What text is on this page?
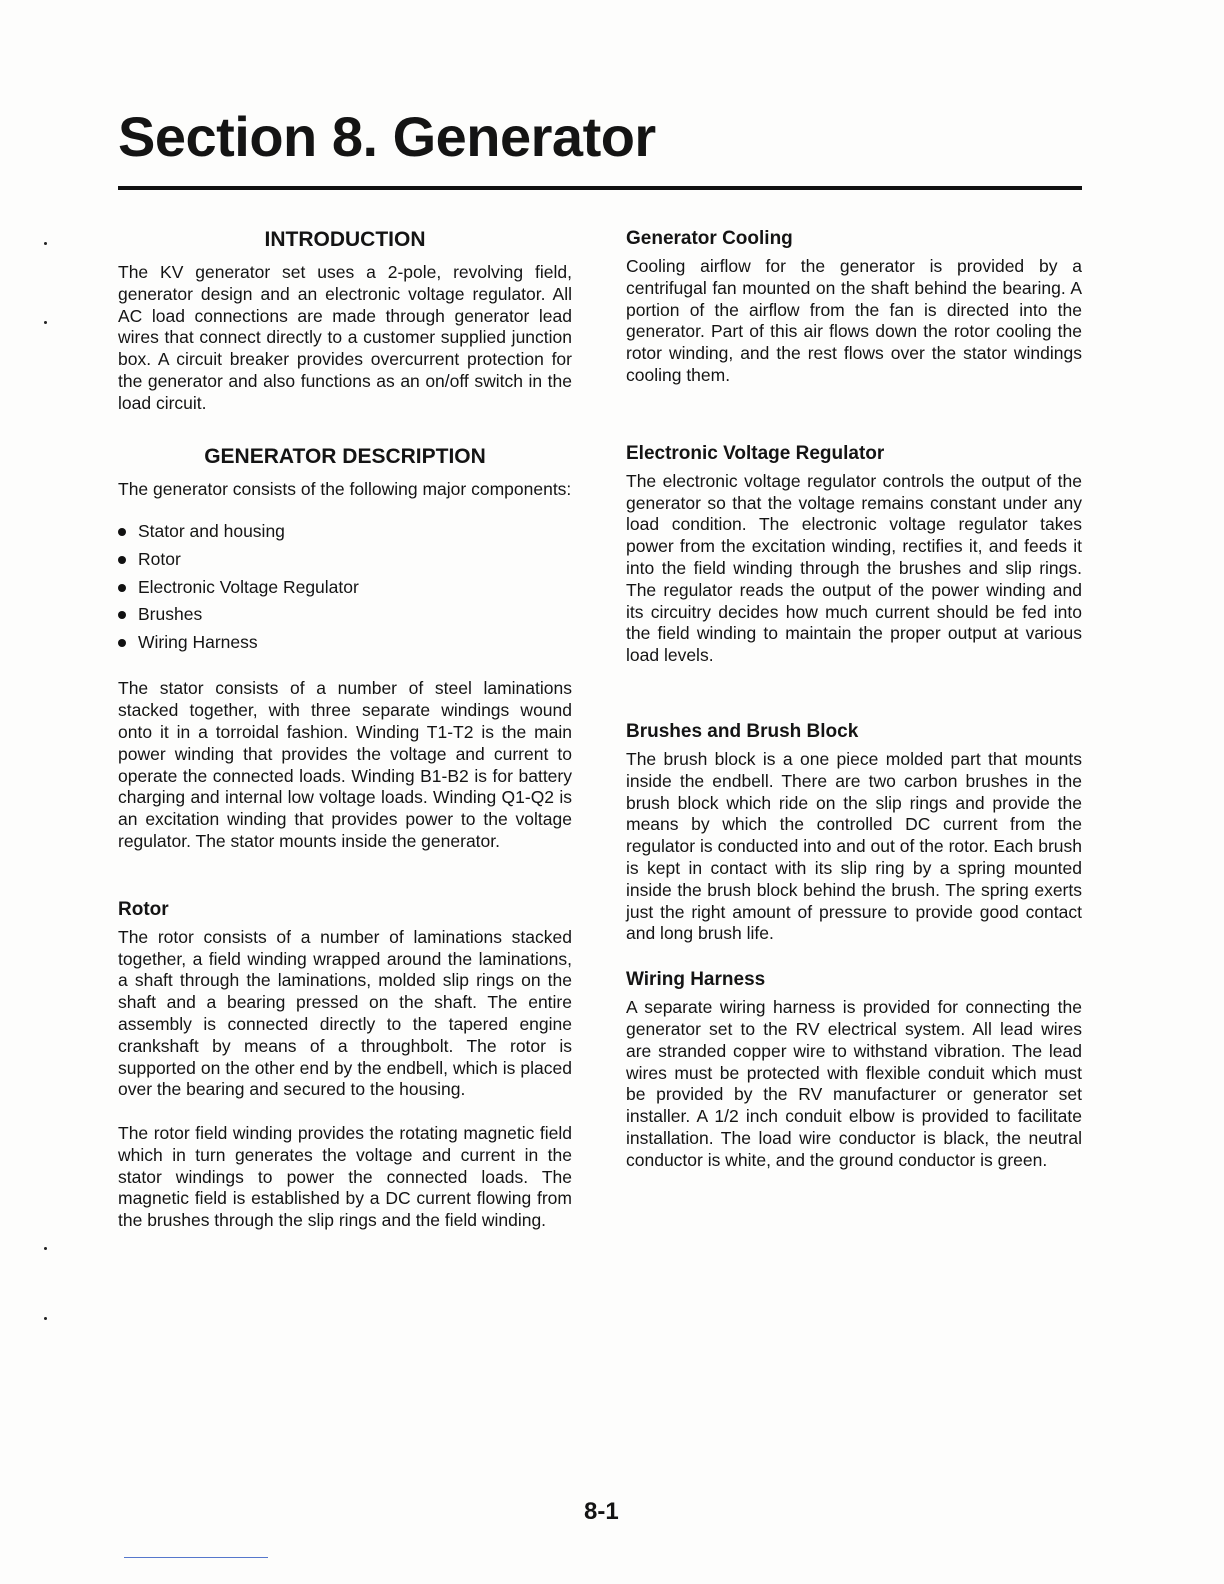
Section 8. Generator
INTRODUCTION

The KV generator set uses a 2-pole, revolving field, generator design and an electronic voltage regulator. All AC load connections are made through generator lead wires that connect directly to a customer supplied junction box. A circuit breaker provides overcurrent protection for the generator and also functions as an on/off switch in the load circuit.

GENERATOR DESCRIPTION

The generator consists of the following major components:

Stator and housing
Rotor
Electronic Voltage Regulator
Brushes
Wiring Harness

The stator consists of a number of steel laminations stacked together, with three separate windings wound onto it in a torroidal fashion. Winding T1-T2 is the main power winding that provides the voltage and current to operate the connected loads. Winding B1-B2 is for battery charging and internal low voltage loads. Winding Q1-Q2 is an excitation winding that provides power to the voltage regulator. The stator mounts inside the generator.

Rotor

The rotor consists of a number of laminations stacked together, a field winding wrapped around the laminations, a shaft through the laminations, molded slip rings on the shaft and a bearing pressed on the shaft. The entire assembly is connected directly to the tapered engine crankshaft by means of a throughbolt. The rotor is supported on the other end by the endbell, which is placed over the bearing and secured to the housing.

The rotor field winding provides the rotating magnetic field which in turn generates the voltage and current in the stator windings to power the connected loads. The magnetic field is established by a DC current flowing from the brushes through the slip rings and the field winding.

Generator Cooling

Cooling airflow for the generator is provided by a centrifugal fan mounted on the shaft behind the bearing. A portion of the airflow from the fan is directed into the generator. Part of this air flows down the rotor cooling the rotor winding, and the rest flows over the stator windings cooling them.

Electronic Voltage Regulator

The electronic voltage regulator controls the output of the generator so that the voltage remains constant under any load condition. The electronic voltage regulator takes power from the excitation winding, rectifies it, and feeds it into the field winding through the brushes and slip rings. The regulator reads the output of the power winding and its circuitry decides how much current should be fed into the field winding to maintain the proper output at various load levels.

Brushes and Brush Block

The brush block is a one piece molded part that mounts inside the endbell. There are two carbon brushes in the brush block which ride on the slip rings and provide the means by which the controlled DC current from the regulator is conducted into and out of the rotor. Each brush is kept in contact with its slip ring by a spring mounted inside the brush block behind the brush. The spring exerts just the right amount of pressure to provide good contact and long brush life.

Wiring Harness

A separate wiring harness is provided for connecting the generator set to the RV electrical system. All lead wires are stranded copper wire to withstand vibration. The lead wires must be protected with flexible conduit which must be provided by the RV manufacturer or generator set installer. A 1/2 inch conduit elbow is provided to facilitate installation. The load wire conductor is black, the neutral conductor is white, and the ground conductor is green.

8-1
